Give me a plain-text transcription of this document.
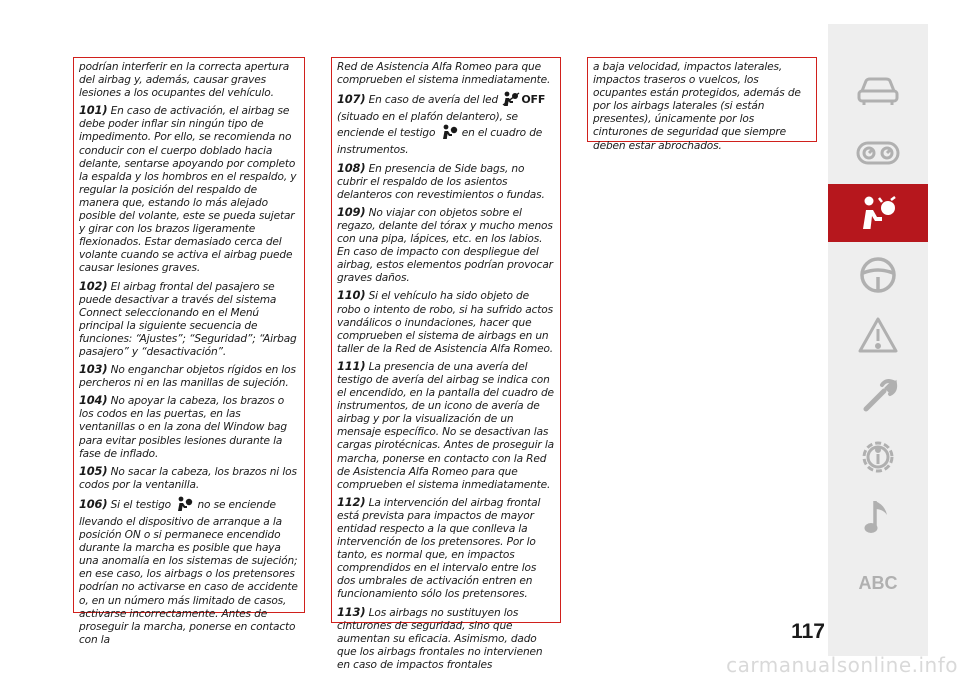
podrían interferir en la correcta apertura del airbag y, además, causar graves lesiones a los ocupantes del vehículo.

101) En caso de activación, el airbag se debe poder inflar sin ningún tipo de impedimento. Por ello, se recomienda no conducir con el cuerpo doblado hacia delante, sentarse apoyando por completo la espalda y los hombros en el respaldo, y regular la posición del respaldo de manera que, estando lo más alejado posible del volante, este se pueda sujetar y girar con los brazos ligeramente flexionados. Estar demasiado cerca del volante cuando se activa el airbag puede causar lesiones graves.

102) El airbag frontal del pasajero se puede desactivar a través del sistema Connect seleccionando en el Menú principal la siguiente secuencia de funciones: “Ajustes”; “Seguridad”; “Airbag pasajero” y “desactivación”.

103) No enganchar objetos rígidos en los percheros ni en las manillas de sujeción.

104) No apoyar la cabeza, los brazos o los codos en las puertas, en las ventanillas o en la zona del Window bag para evitar posibles lesiones durante la fase de inflado.

105) No sacar la cabeza, los brazos ni los codos por la ventanilla.

106) Si el testigo no se enciende llevando el dispositivo de arranque a la posición ON o si permanece encendido durante la marcha es posible que haya una anomalía en los sistemas de sujeción; en ese caso, los airbags o los pretensores podrían no activarse en caso de accidente o, en un número más limitado de casos, activarse incorrectamente. Antes de proseguir la marcha, ponerse en contacto con la

Red de Asistencia Alfa Romeo para que comprueben el sistema inmediatamente.

107) En caso de avería del led OFF (situado en el plafón delantero), se enciende el testigo en el cuadro de instrumentos.

108) En presencia de Side bags, no cubrir el respaldo de los asientos delanteros con revestimientos o fundas.

109) No viajar con objetos sobre el regazo, delante del tórax y mucho menos con una pipa, lápices, etc. en los labios. En caso de impacto con despliegue del airbag, estos elementos podrían provocar graves daños.

110) Si el vehículo ha sido objeto de robo o intento de robo, si ha sufrido actos vandálicos o inundaciones, hacer que comprueben el sistema de airbags en un taller de la Red de Asistencia Alfa Romeo.

111) La presencia de una avería del testigo de avería del airbag se indica con el encendido, en la pantalla del cuadro de instrumentos, de un icono de avería de airbag y por la visualización de un mensaje específico. No se desactivan las cargas pirotécnicas. Antes de proseguir la marcha, ponerse en contacto con la Red de Asistencia Alfa Romeo para que comprueben el sistema inmediatamente.

112) La intervención del airbag frontal está prevista para impactos de mayor entidad respecto a la que conlleva la intervención de los pretensores. Por lo tanto, es normal que, en impactos comprendidos en el intervalo entre los dos umbrales de activación entren en funcionamiento sólo los pretensores.

113) Los airbags no sustituyen los cinturones de seguridad, sino que aumentan su eficacia. Asimismo, dado que los airbags frontales no intervienen en caso de impactos frontales

a baja velocidad, impactos laterales, impactos traseros o vuelcos, los ocupantes están protegidos, además de por los airbags laterales (si están presentes), únicamente por los cinturones de seguridad que siempre deben estar abrochados.

ABC
117
carmanualsonline.info
